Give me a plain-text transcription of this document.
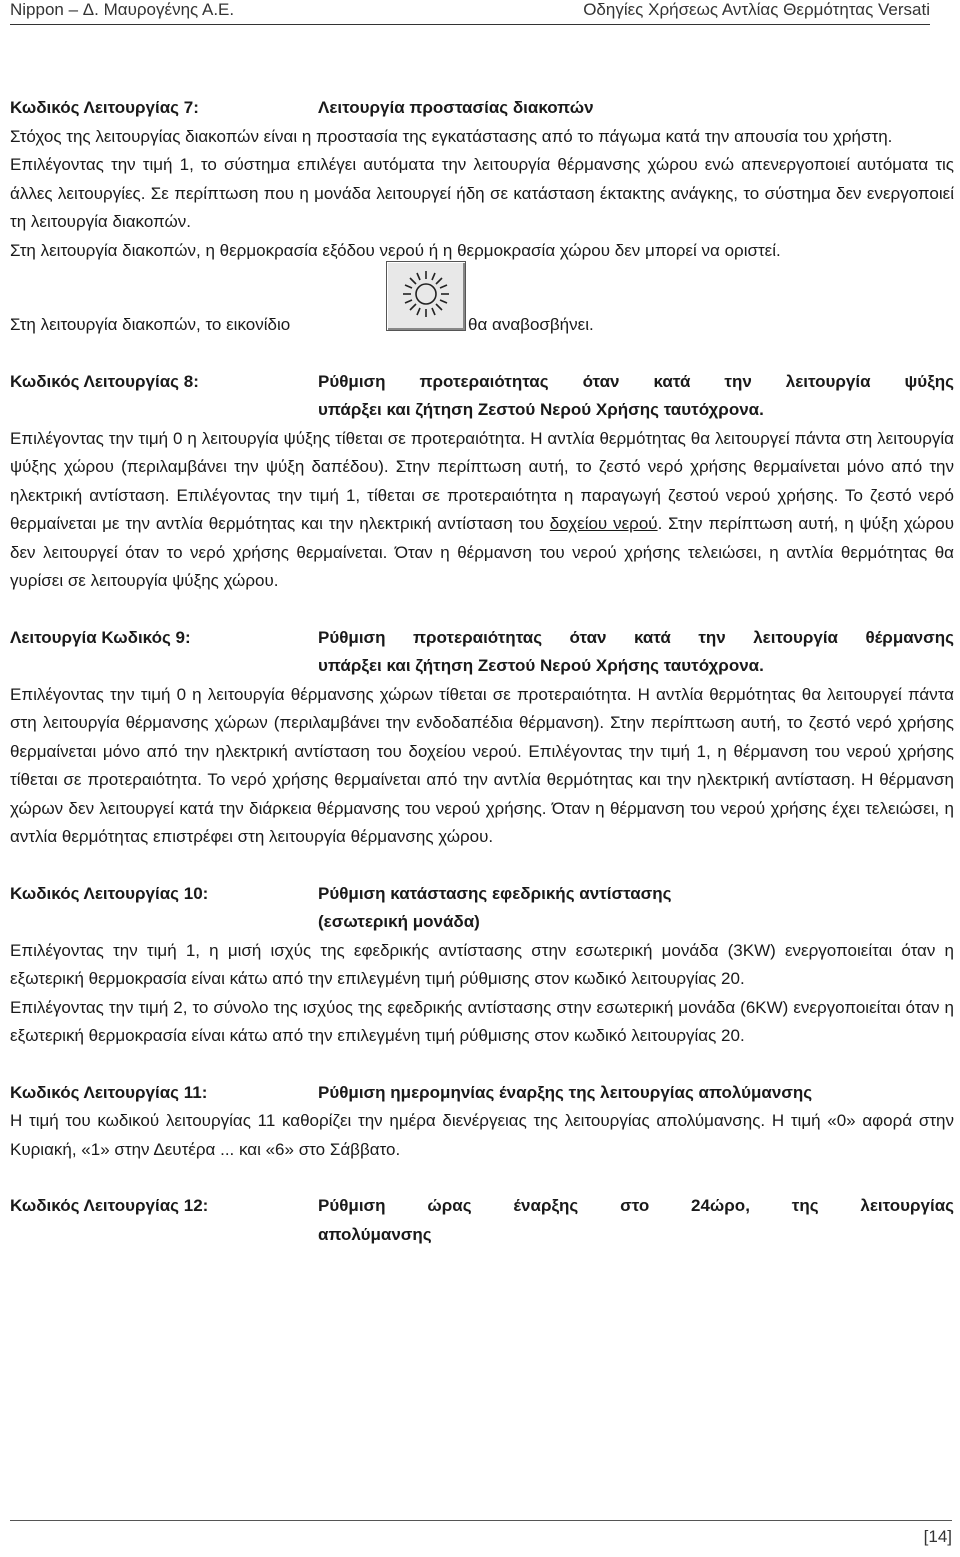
Nippon – Δ. Μαυρογένης Α.Ε.	Οδηγίες Χρήσεως Αντλίας Θερμότητας Versati
Κωδικός Λειτουργίας 7:	Λειτουργία προστασίας διακοπών

Στόχος της λειτουργίας διακοπών είναι η προστασία της εγκατάστασης από το πάγωμα κατά την απουσία του χρήστη.

Επιλέγοντας την τιμή 1, το σύστημα επιλέγει αυτόματα την λειτουργία θέρμανσης χώρου ενώ απενεργοποιεί αυτόματα τις άλλες λειτουργίες. Σε περίπτωση που η μονάδα λειτουργεί ήδη σε κατάσταση έκτακτης ανάγκης, το σύστημα δεν ενεργοποιεί τη λειτουργία διακοπών.

Στη λειτουργία διακοπών, η θερμοκρασία εξόδου νερού ή η θερμοκρασία χώρου δεν μπορεί να οριστεί.

Στη λειτουργία διακοπών, το εικονίδιο	θα αναβοσβήνει.
Κωδικός Λειτουργίας 8:	Ρύθμιση προτεραιότητας όταν κατά την λειτουργία ψύξης
υπάρξει και ζήτηση Ζεστού Νερού Χρήσης ταυτόχρονα.

Επιλέγοντας την τιμή 0 η λειτουργία ψύξης τίθεται σε προτεραιότητα. Η αντλία θερμότητας θα λειτουργεί πάντα στη λειτουργία ψύξης χώρου (περιλαμβάνει την ψύξη δαπέδου). Στην περίπτωση αυτή, το ζεστό νερό χρήσης θερμαίνεται μόνο από την ηλεκτρική αντίσταση. Επιλέγοντας την τιμή 1, τίθεται σε προτεραιότητα η παραγωγή ζεστού νερού χρήσης. Το ζεστό νερό θερμαίνεται με την αντλία θερμότητας και την ηλεκτρική αντίσταση του δοχείου νερού. Στην περίπτωση αυτή, η ψύξη χώρου δεν λειτουργεί όταν το νερό χρήσης θερμαίνεται. Όταν η θέρμανση του νερού χρήσης τελειώσει, η αντλία θερμότητας θα γυρίσει σε λειτουργία ψύξης χώρου.

Λειτουργία Κωδικός 9:	Ρύθμιση προτεραιότητας όταν κατά την λειτουργία θέρμανσης
υπάρξει και ζήτηση Ζεστού Νερού Χρήσης ταυτόχρονα.

Επιλέγοντας την τιμή 0 η λειτουργία θέρμανσης χώρων τίθεται σε προτεραιότητα. Η αντλία θερμότητας θα λειτουργεί πάντα στη λειτουργία θέρμανσης χώρων (περιλαμβάνει την ενδοδαπέδια θέρμανση). Στην περίπτωση αυτή, το ζεστό νερό χρήσης θερμαίνεται μόνο από την ηλεκτρική αντίσταση του δοχείου νερού. Επιλέγοντας την τιμή 1, η θέρμανση του νερού χρήσης τίθεται σε προτεραιότητα. Το νερό χρήσης θερμαίνεται από την αντλία θερμότητας και την ηλεκτρική αντίσταση. Η θέρμανση χώρων δεν λειτουργεί κατά την διάρκεια θέρμανσης του νερού χρήσης. Όταν η θέρμανση του νερού χρήσης έχει τελειώσει, η αντλία θερμότητας επιστρέφει στη λειτουργία θέρμανσης χώρου.

Κωδικός Λειτουργίας 10:	Ρύθμιση κατάστασης εφεδρικής αντίστασης
(εσωτερική μονάδα)

Επιλέγοντας την τιμή 1, η μισή ισχύς της εφεδρικής αντίστασης στην εσωτερική μονάδα (3KW) ενεργοποιείται όταν η εξωτερική θερμοκρασία είναι κάτω από την επιλεγμένη τιμή ρύθμισης στον κωδικό λειτουργίας 20.

Επιλέγοντας την τιμή 2, το σύνολο της ισχύος της εφεδρικής αντίστασης στην εσωτερική μονάδα (6KW) ενεργοποιείται όταν η εξωτερική θερμοκρασία είναι κάτω από την επιλεγμένη τιμή ρύθμισης στον κωδικό λειτουργίας 20.

Κωδικός Λειτουργίας 11:	Ρύθμιση ημερομηνίας έναρξης της λειτουργίας απολύμανσης

Η τιμή του κωδικού λειτουργίας 11 καθορίζει την ημέρα διενέργειας της λειτουργίας απολύμανσης. Η τιμή «0» αφορά στην Κυριακή, «1» στην Δευτέρα ... και «6» στο Σάββατο.

Κωδικός Λειτουργίας 12:	Ρύθμιση ώρας έναρξης στο 24ώρο, της λειτουργίας
απολύμανσης
[14]
